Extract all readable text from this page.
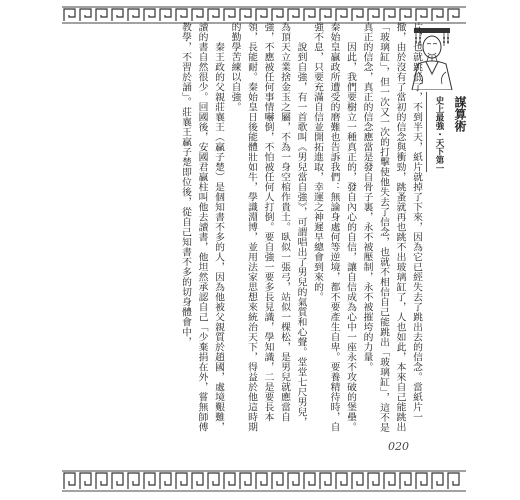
謀算術
史上最強・天下第一

片，也就跳低了，不到半天，紙片就掉了下來，因為它已經失去了跳出去的信念。當紙片一撤，由於沒有了當初的信念與衝勁，跳蚤就再也跳不出玻璃缸了，人也如此，本來自己能跳出「玻璃缸」，但一次又一次的打擊使他失去了信念，也就不相信自己能跳出「玻璃缸」，這不是真正的信念，真正的信念應當是發自骨子裏，永不被壓制，永不被摧垮的力量。

因此，我們要樹立一種真正的，發自內心的自信，讓自信成為心中一座永不攻破的堡壘。秦始皇贏政所遭受的磨難也告訴我們：無論身處何等逆境，都不要產生自卑。要養精待時，自強不息，只要充滿自信並開拓進取，幸運之神遲早總會到來的。

說到自強，有一首歌叫《男兒當自強》，可謂唱出了男兒的氣質和心聲。堂堂七尺男兒，為頂天立業捨金玉之屬，不為一身空棺作貴土。臥似一張弓，站似一棵松，是男兒就應當自強，不應被任何事情嚇倒，不怕被任何人打倒。要自強一要多長見識，學知識，二是要長本領，長能耐。秦始皇日後能體壯如牛，學識淵博，並用法家思想來統治天下，得益於他這時期的勤學苦練以自強。

秦王政的父親莊襄王（贏子楚）是個知書不多的人，因為他被父親質於趙國，處境艱難，讀的書自然很少。回國後，安國君贏柱叫他去讀書，他坦然承認自己「少棄捐在外，嘗無師傅教學，不習於誦」。莊襄王贏子楚即位後，從自己知書不多的切身體會中，

020
